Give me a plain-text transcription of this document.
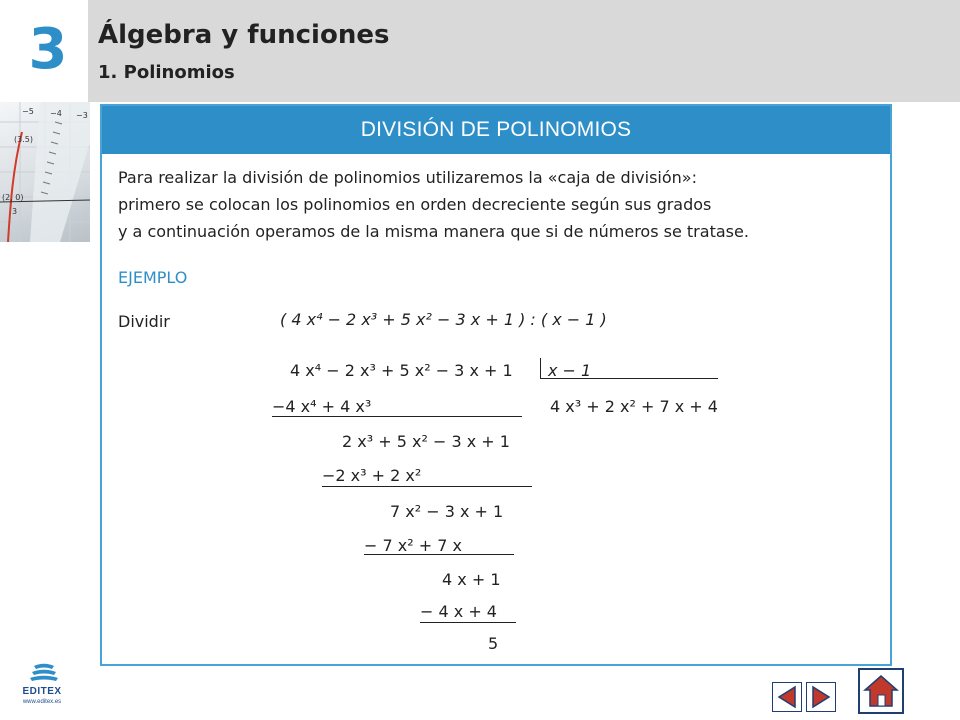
3	Álgebra y funciones
1. Polinomios
(3.5)
(2, 0)
3
−5 −4 −3
DIVISIÓN DE POLINOMIOS
Para realizar la división de polinomios utilizaremos la «caja de división»:
primero se colocan los polinomios en orden decreciente según sus grados
y a continuación operamos de la misma manera que si de números se tratase.
EJEMPLO
Dividir	( 4 x⁴ − 2 x³ + 5 x² − 3 x + 1 ) : ( x − 1 )
4 x⁴ − 2 x³ + 5 x² − 3 x + 1 x − 1
4 x³ + 2 x² + 7 x + 4
−4 x⁴ + 4 x³
2 x³ + 5 x² − 3 x + 1
−2 x³ + 2 x²
7 x² − 3 x + 1
− 7 x² + 7 x
4 x + 1
− 4 x + 4
5
EDITEX
www.editex.es
